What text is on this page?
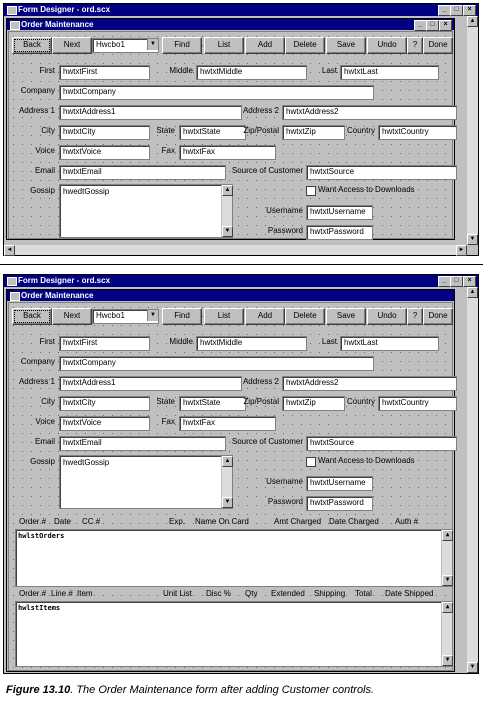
Form Designer - ord.scx	_	□	×
▲
▼
◄	►
Order Maintenance	_	□	×
Back	Next	Hwcbo1	▼	Find	List	Add	Delete	Save	Undo	?	Done
First	hwtxtFirst	Middle hwtxtMiddle	Last hwtxtLast
Company	hwtxtCompany
Address 1	hwtxtAddress1	Address 2 hwtxtAddress2
City	hwtxtCity	State	hwtxtState	Zip/Postal hwtxtZip	Country hwtxtCountry
Voice	hwtxtVoice	Fax	hwtxtFax
Email	hwtxtEmail	Source of Customer hwtxtSource
Gossip	hwedtGossip	▲
▼
Want Access to Downloads
Username hwtxtUsername
Password hwtxtPassword
Form Designer - ord.scx	_	□	×
▲
▼
Order Maintenance
Back	Next	Hwcbo1	▼	Find	List	Add	Delete	Save	Undo	?	Done
First	hwtxtFirst	Middle hwtxtMiddle	Last hwtxtLast
Company	hwtxtCompany
Address 1	hwtxtAddress1	Address 2 hwtxtAddress2
City	hwtxtCity	State	hwtxtState	Zip/Postal hwtxtZip	Country hwtxtCountry
Voice	hwtxtVoice	Fax	hwtxtFax
Email	hwtxtEmail	Source of Customer hwtxtSource
Gossip	hwedtGossip	▲
▼
Want Access to Downloads
Username hwtxtUsername
Password hwtxtPassword
Order # Date CC #	Exp. Name On Card	Amt Charged Date Charged Auth #
hwlstOrders	▲
▼
Order # Line # Item	Unit List Disc % Qty Extended Shipping Total Date Shipped
hwlstItems	▲
▼
Figure 13.10. The Order Maintenance form after adding Customer controls.
